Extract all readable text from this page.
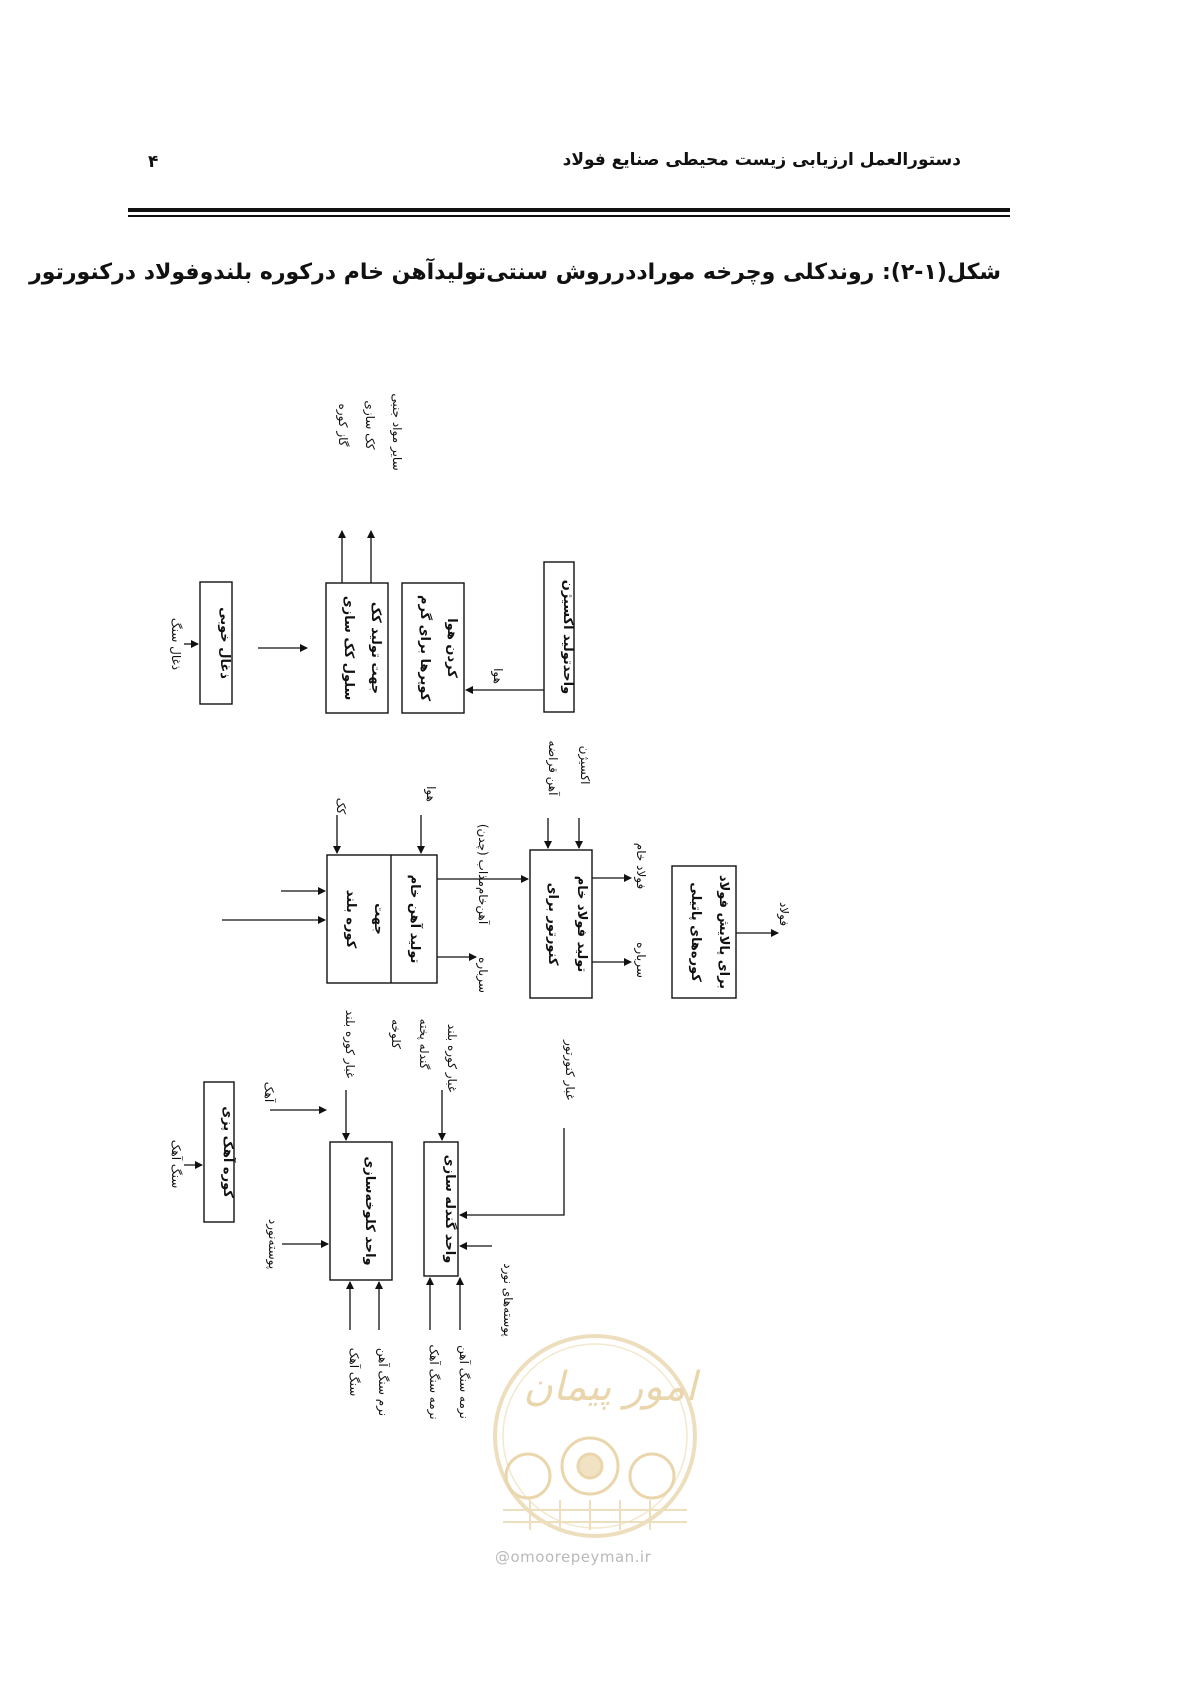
دستورالعمل ارزیابی زیست محیطی صنایع فولاد
۴
شکل(۱-۲): روندکلی وچرخه موراددرروش سنتی‌تولیدآهن خام درکوره بلندوفولاد درکنورتور
ذغال خوبی	سلول کک سازی جهت تولید کک	کوپرها برای گرم کردن هوا	واحدتولید اکسیژن
کوره بلند جهت تولید آهن خام	کنورتور برای تولید فولاد خام	کوره‌های پاتیلی برای پالایش فولاد
کوره آهک پزی
واحد کلوخه‌سازی	واحد گندله سازی
ذغال سنگ
گاز کوره کک سازی سایر مواد جنبی
هوا
کک
هوا
آهن‌خام‌مذاب (چدن)
سرباره
آهن قراضه اکسیژن
فولاد خام
سرباره
فولاد
غبار کوره بلند	کلوخه گندله پخته غبار کوره بلند	غبار کنورتور
سنگ آهک
آهک
پوسته‌نورد
سنگ آهک نرم سنگ آهن	نرمه سنگ آهک نرمه سنگ آهن
پوسته‌های نورد
امور پیمان
@omoorepeyman.ir
